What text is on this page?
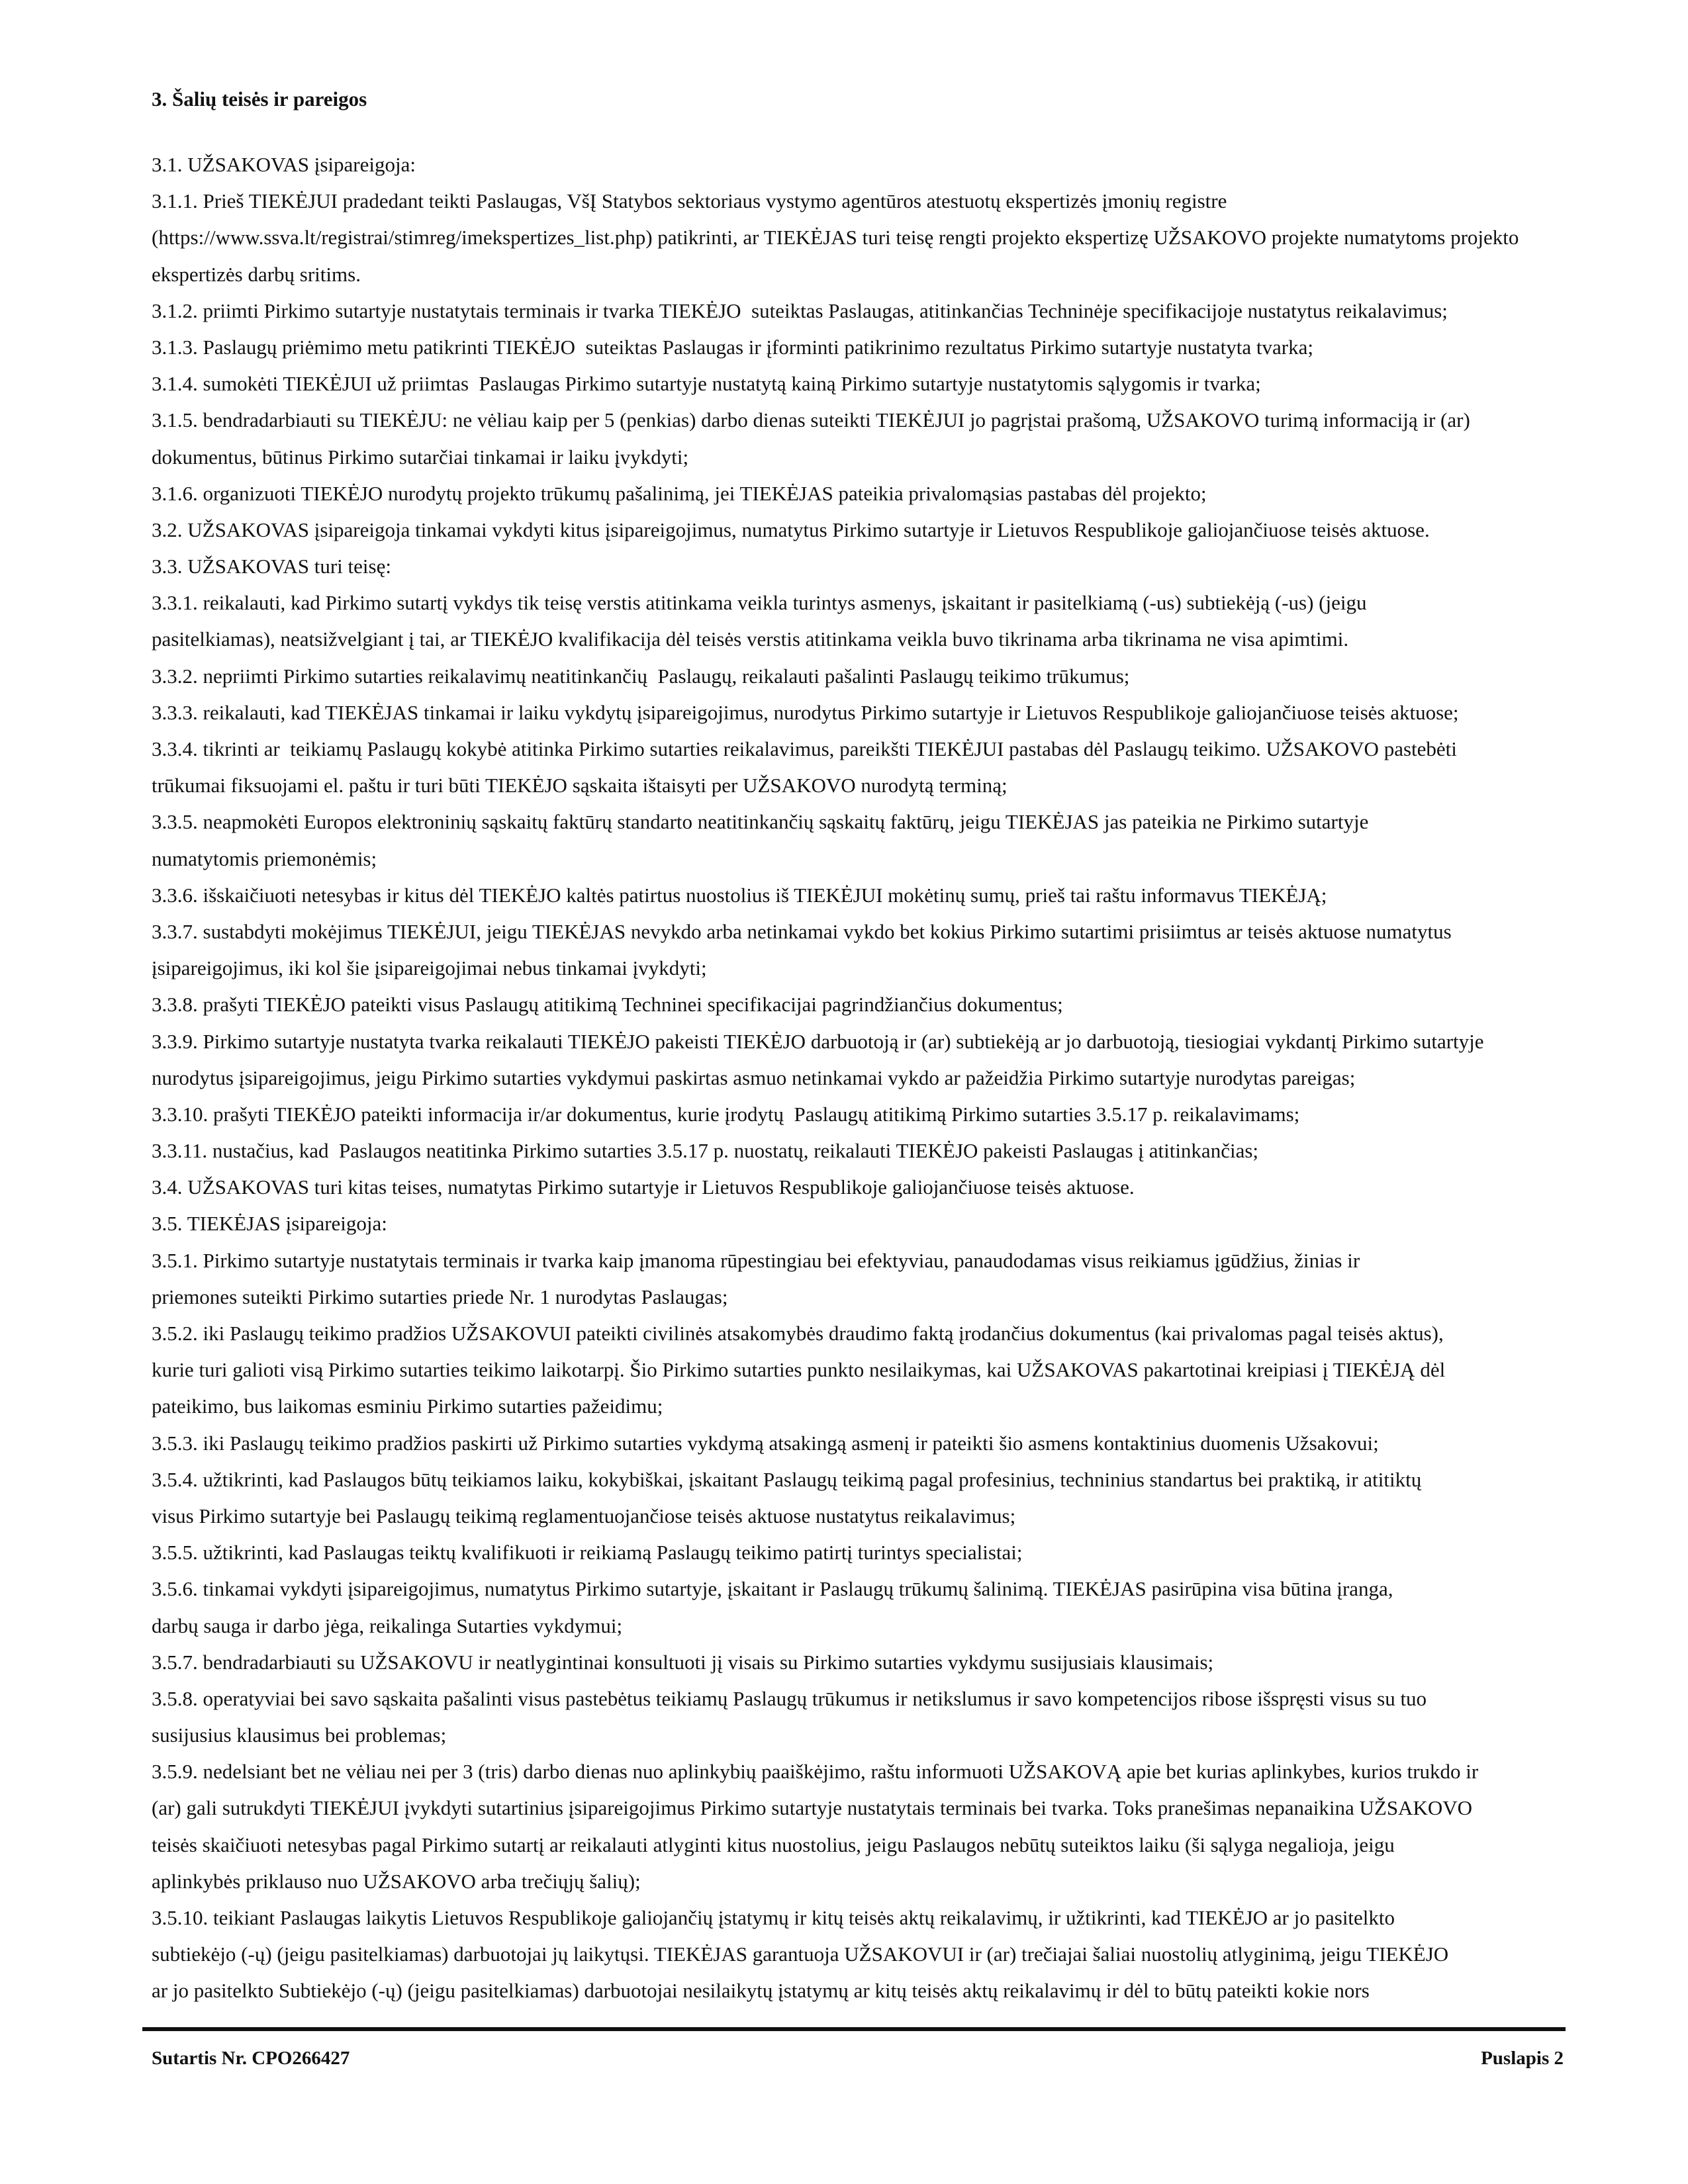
3. Šalių teisės ir pareigos
3.1. UŽSAKOVAS įsipareigoja:
3.1.1. Prieš TIEKĖJUI pradedant teikti Paslaugas, VšĮ Statybos sektoriaus vystymo agentūros atestuotų ekspertizės įmonių registre
(https://www.ssva.lt/registrai/stimreg/imekspertizes_list.php) patikrinti, ar TIEKĖJAS turi teisę rengti projekto ekspertizę UŽSAKOVO projekte numatytoms projekto
ekspertizės darbų sritims.
3.1.2. priimti Pirkimo sutartyje nustatytais terminais ir tvarka TIEKĖJO  suteiktas Paslaugas, atitinkančias Techninėje specifikacijoje nustatytus reikalavimus;
3.1.3. Paslaugų priėmimo metu patikrinti TIEKĖJO  suteiktas Paslaugas ir įforminti patikrinimo rezultatus Pirkimo sutartyje nustatyta tvarka;
3.1.4. sumokėti TIEKĖJUI už priimtas  Paslaugas Pirkimo sutartyje nustatytą kainą Pirkimo sutartyje nustatytomis sąlygomis ir tvarka;
3.1.5. bendradarbiauti su TIEKĖJU: ne vėliau kaip per 5 (penkias) darbo dienas suteikti TIEKĖJUI jo pagrįstai prašomą, UŽSAKOVO turimą informaciją ir (ar)
dokumentus, būtinus Pirkimo sutarčiai tinkamai ir laiku įvykdyti;
3.1.6. organizuoti TIEKĖJO nurodytų projekto trūkumų pašalinimą, jei TIEKĖJAS pateikia privalomąsias pastabas dėl projekto;
3.2. UŽSAKOVAS įsipareigoja tinkamai vykdyti kitus įsipareigojimus, numatytus Pirkimo sutartyje ir Lietuvos Respublikoje galiojančiuose teisės aktuose.
3.3. UŽSAKOVAS turi teisę:
3.3.1. reikalauti, kad Pirkimo sutartį vykdys tik teisę verstis atitinkama veikla turintys asmenys, įskaitant ir pasitelkiamą (-us) subtiekėją (-us) (jeigu
pasitelkiamas), neatsižvelgiant į tai, ar TIEKĖJO kvalifikacija dėl teisės verstis atitinkama veikla buvo tikrinama arba tikrinama ne visa apimtimi.
3.3.2. nepriimti Pirkimo sutarties reikalavimų neatitinkančių  Paslaugų, reikalauti pašalinti Paslaugų teikimo trūkumus;
3.3.3. reikalauti, kad TIEKĖJAS tinkamai ir laiku vykdytų įsipareigojimus, nurodytus Pirkimo sutartyje ir Lietuvos Respublikoje galiojančiuose teisės aktuose;
3.3.4. tikrinti ar  teikiamų Paslaugų kokybė atitinka Pirkimo sutarties reikalavimus, pareikšti TIEKĖJUI pastabas dėl Paslaugų teikimo. UŽSAKOVO pastebėti
trūkumai fiksuojami el. paštu ir turi būti TIEKĖJO sąskaita ištaisyti per UŽSAKOVO nurodytą terminą;
3.3.5. neapmokėti Europos elektroninių sąskaitų faktūrų standarto neatitinkančių sąskaitų faktūrų, jeigu TIEKĖJAS jas pateikia ne Pirkimo sutartyje
numatytomis priemonėmis;
3.3.6. išskaičiuoti netesybas ir kitus dėl TIEKĖJO kaltės patirtus nuostolius iš TIEKĖJUI mokėtinų sumų, prieš tai raštu informavus TIEKĖJĄ;
3.3.7. sustabdyti mokėjimus TIEKĖJUI, jeigu TIEKĖJAS nevykdo arba netinkamai vykdo bet kokius Pirkimo sutartimi prisiimtus ar teisės aktuose numatytus
įsipareigojimus, iki kol šie įsipareigojimai nebus tinkamai įvykdyti;
3.3.8. prašyti TIEKĖJO pateikti visus Paslaugų atitikimą Techninei specifikacijai pagrindžiančius dokumentus;
3.3.9. Pirkimo sutartyje nustatyta tvarka reikalauti TIEKĖJO pakeisti TIEKĖJO darbuotoją ir (ar) subtiekėją ar jo darbuotoją, tiesiogiai vykdantį Pirkimo sutartyje
nurodytus įsipareigojimus, jeigu Pirkimo sutarties vykdymui paskirtas asmuo netinkamai vykdo ar pažeidžia Pirkimo sutartyje nurodytas pareigas;
3.3.10. prašyti TIEKĖJO pateikti informacija ir/ar dokumentus, kurie įrodytų  Paslaugų atitikimą Pirkimo sutarties 3.5.17 p. reikalavimams;
3.3.11. nustačius, kad  Paslaugos neatitinka Pirkimo sutarties 3.5.17 p. nuostatų, reikalauti TIEKĖJO pakeisti Paslaugas į atitinkančias;
3.4. UŽSAKOVAS turi kitas teises, numatytas Pirkimo sutartyje ir Lietuvos Respublikoje galiojančiuose teisės aktuose.
3.5. TIEKĖJAS įsipareigoja:
3.5.1. Pirkimo sutartyje nustatytais terminais ir tvarka kaip įmanoma rūpestingiau bei efektyviau, panaudodamas visus reikiamus įgūdžius, žinias ir
priemones suteikti Pirkimo sutarties priede Nr. 1 nurodytas Paslaugas;
3.5.2. iki Paslaugų teikimo pradžios UŽSAKOVUI pateikti civilinės atsakomybės draudimo faktą įrodančius dokumentus (kai privalomas pagal teisės aktus),
kurie turi galioti visą Pirkimo sutarties teikimo laikotarpį. Šio Pirkimo sutarties punkto nesilaikymas, kai UŽSAKOVAS pakartotinai kreipiasi į TIEKĖJĄ dėl
pateikimo, bus laikomas esminiu Pirkimo sutarties pažeidimu;
3.5.3. iki Paslaugų teikimo pradžios paskirti už Pirkimo sutarties vykdymą atsakingą asmenį ir pateikti šio asmens kontaktinius duomenis Užsakovui;
3.5.4. užtikrinti, kad Paslaugos būtų teikiamos laiku, kokybiškai, įskaitant Paslaugų teikimą pagal profesinius, techninius standartus bei praktiką, ir atitiktų
visus Pirkimo sutartyje bei Paslaugų teikimą reglamentuojančiose teisės aktuose nustatytus reikalavimus;
3.5.5. užtikrinti, kad Paslaugas teiktų kvalifikuoti ir reikiamą Paslaugų teikimo patirtį turintys specialistai;
3.5.6. tinkamai vykdyti įsipareigojimus, numatytus Pirkimo sutartyje, įskaitant ir Paslaugų trūkumų šalinimą. TIEKĖJAS pasirūpina visa būtina įranga,
darbų sauga ir darbo jėga, reikalinga Sutarties vykdymui;
3.5.7. bendradarbiauti su UŽSAKOVU ir neatlygintinai konsultuoti jį visais su Pirkimo sutarties vykdymu susijusiais klausimais;
3.5.8. operatyviai bei savo sąskaita pašalinti visus pastebėtus teikiamų Paslaugų trūkumus ir netikslumus ir savo kompetencijos ribose išspręsti visus su tuo
susijusius klausimus bei problemas;
3.5.9. nedelsiant bet ne vėliau nei per 3 (tris) darbo dienas nuo aplinkybių paaiškėjimo, raštu informuoti UŽSAKOVĄ apie bet kurias aplinkybes, kurios trukdo ir
(ar) gali sutrukdyti TIEKĖJUI įvykdyti sutartinius įsipareigojimus Pirkimo sutartyje nustatytais terminais bei tvarka. Toks pranešimas nepanaikina UŽSAKOVO
teisės skaičiuoti netesybas pagal Pirkimo sutartį ar reikalauti atlyginti kitus nuostolius, jeigu Paslaugos nebūtų suteiktos laiku (ši sąlyga negalioja, jeigu
aplinkybės priklauso nuo UŽSAKOVO arba trečiųjų šalių);
3.5.10. teikiant Paslaugas laikytis Lietuvos Respublikoje galiojančių įstatymų ir kitų teisės aktų reikalavimų, ir užtikrinti, kad TIEKĖJO ar jo pasitelkto
subtiekėjo (-ų) (jeigu pasitelkiamas) darbuotojai jų laikytųsi. TIEKĖJAS garantuoja UŽSAKOVUI ir (ar) trečiajai šaliai nuostolių atlyginimą, jeigu TIEKĖJO
ar jo pasitelkto Subtiekėjo (-ų) (jeigu pasitelkiamas) darbuotojai nesilaikytų įstatymų ar kitų teisės aktų reikalavimų ir dėl to būtų pateikti kokie nors
Sutartis Nr. CPO266427	Puslapis 2
